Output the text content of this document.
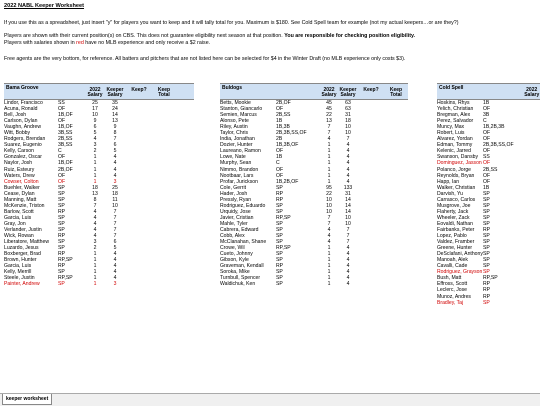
2022 NABL Keeper Worksheet
If you use this as a spreadsheet, just insert "y" for players you want to keep and it will tally total for you. Maximum is $180. See Cold Spell team for example (not my actual keepers…or are they?)
Players are shown with their current position(s) on CBS. This does not guarantee eligibility next season at that position. You are responsible for checking position eligibility.
Players with salaries shown in red have no MLB experience and only receive a $2 raise.
Free agents are the very bottom, for reference. All batters and pitchers that are not listed here can be selected for $4 in the Winter Draft (no MLB experience only costs $3).
Bama Groove	2022
Salary
Keeper
Salary
Keep?	Keep
Total
Lindor, Francisco	SS	25	35
Acuna, Ronald	OF	17	24
Bell, Josh	1B,OF	10	14
Carlson, Dylan	OF	9	13
Vaughn, Andrew	1B,OF	6	9
Witt, Bobby	3B,SS	5	8
Rodgers, Brendan	2B,SS	4	7
Suarez, Eugenio	3B,SS	3	6
Kelly, Carson	C	2	5
Gonzalez, Oscar	OF	1	4
Naylor, Josh	1B,OF	1	4
Ruiz, Esteury	2B,OF	1	4
Waters, Drew	OF	1	4
Cowser, Colton	OF	1	3
Buehler, Walker	SP	18	25
Cease, Dylan	SP	13	18
Manning, Matt	SP	8	11
McKenzie, Triston	SP	7	10
Barlow, Scott	RP	4	7
Garcia, Luis	SP	4	7
Gray, Jon	SP	4	7
Verlander, Justin	SP	4	7
Wick, Rowan	RP	4	7
Liberatore, Matthew	SP	3	6
Luzardo, Jesus	SP	2	5
Boxberger, Brad	RP	1	4
Brown, Hunter	RP,SP	1	4
Garcia, Luis	RP	1	4
Kelly, Merrill	SP	1	4
Steele, Justin	RP,SP	1	4
Painter, Andrew	SP	1	3
Buldogs	2022
Salary
Keeper
Salary
Keep?	Keep
Total
Betts, Mookie	2B,OF	45	63
Stanton, Giancarlo	OF	45	63
Semien, Marcus	2B,SS	22	31
Alonso, Pete	1B	13	18
Riley, Austin	1B,3B	7	10
Taylor, Chris	2B,3B,SS,OF	7	10
India, Jonathan	2B	4	7
Dozier, Hunter	1B,3B,OF	1	4
Laureano, Ramon	OF	1	4
Lowe, Nate	1B	1	4
Murphy, Sean	C	1	4
Nimmo, Brandon	OF	1	4
Nootbaar, Lars	OF	1	4
Profar, Jurickson	1B,2B,OF	1	4
Cole, Gerrit	SP	95	133
Hader, Josh	RP	22	31
Pressly, Ryan	RP	10	14
Rodriguez, Eduardo	SP	10	14
Urquidy, Jose	SP	10	14
Javier, Cristian	RP,SP	7	10
Mahle, Tyler	SP	7	10
Cabrera, Edward	SP	4	7
Cobb, Alex	SP	4	7
McClanahan, Shane	SP	4	7
Crowe, Wil	RP,SP	1	4
Cueto, Johnny	SP	1	4
Gibson, Kyle	SP	1	4
Graveman, Kendall	RP	1	4
Soroka, Mike	SP	1	4
Turnbull, Spencer	SP	1	4
Waldichuk, Ken	SP	1	4
Cold Spell	2022
Salary
Hoskins, Rhys	1B
Yelich, Christian	OF
Bregman, Alex	3B
Perez, Salvador	C
Muncy, Max	1B,2B,3B
Robert, Luis	OF
Alvarez, Yordan	OF
Edman, Tommy	2B,3B,SS,OF
Kelenic, Jarred	OF
Swanson, Dansby SS
Dominguez, Jasson OF
Polanco, Jorge	2B,SS
Reynolds, Bryan	OF
Happ, Ian	OF
Walker, Christian	1B
Darvish, Yu	SP
Carrasco, Carlos	SP
Musgrove, Joe	SP
Flaherty, Jack	SP
Wheeler, Zack	SP
Eovaldi, Nathan	SP
Fairbanks, Peter	RP
Lopez, Pablo	SP
Valdez, Framber	SP
Greene, Hunter	SP
DeSclafani, Anthony SP
Manoah, Alek	SP
Cavalli, Cade	SP
Rodriguez, Grayson SP
Bush, Matt	RP,SP
Effross, Scott	RP
Leclerc, Jose	RP
Munoz, Andres	RP
Bradley, Taj	SP
keeper worksheet
